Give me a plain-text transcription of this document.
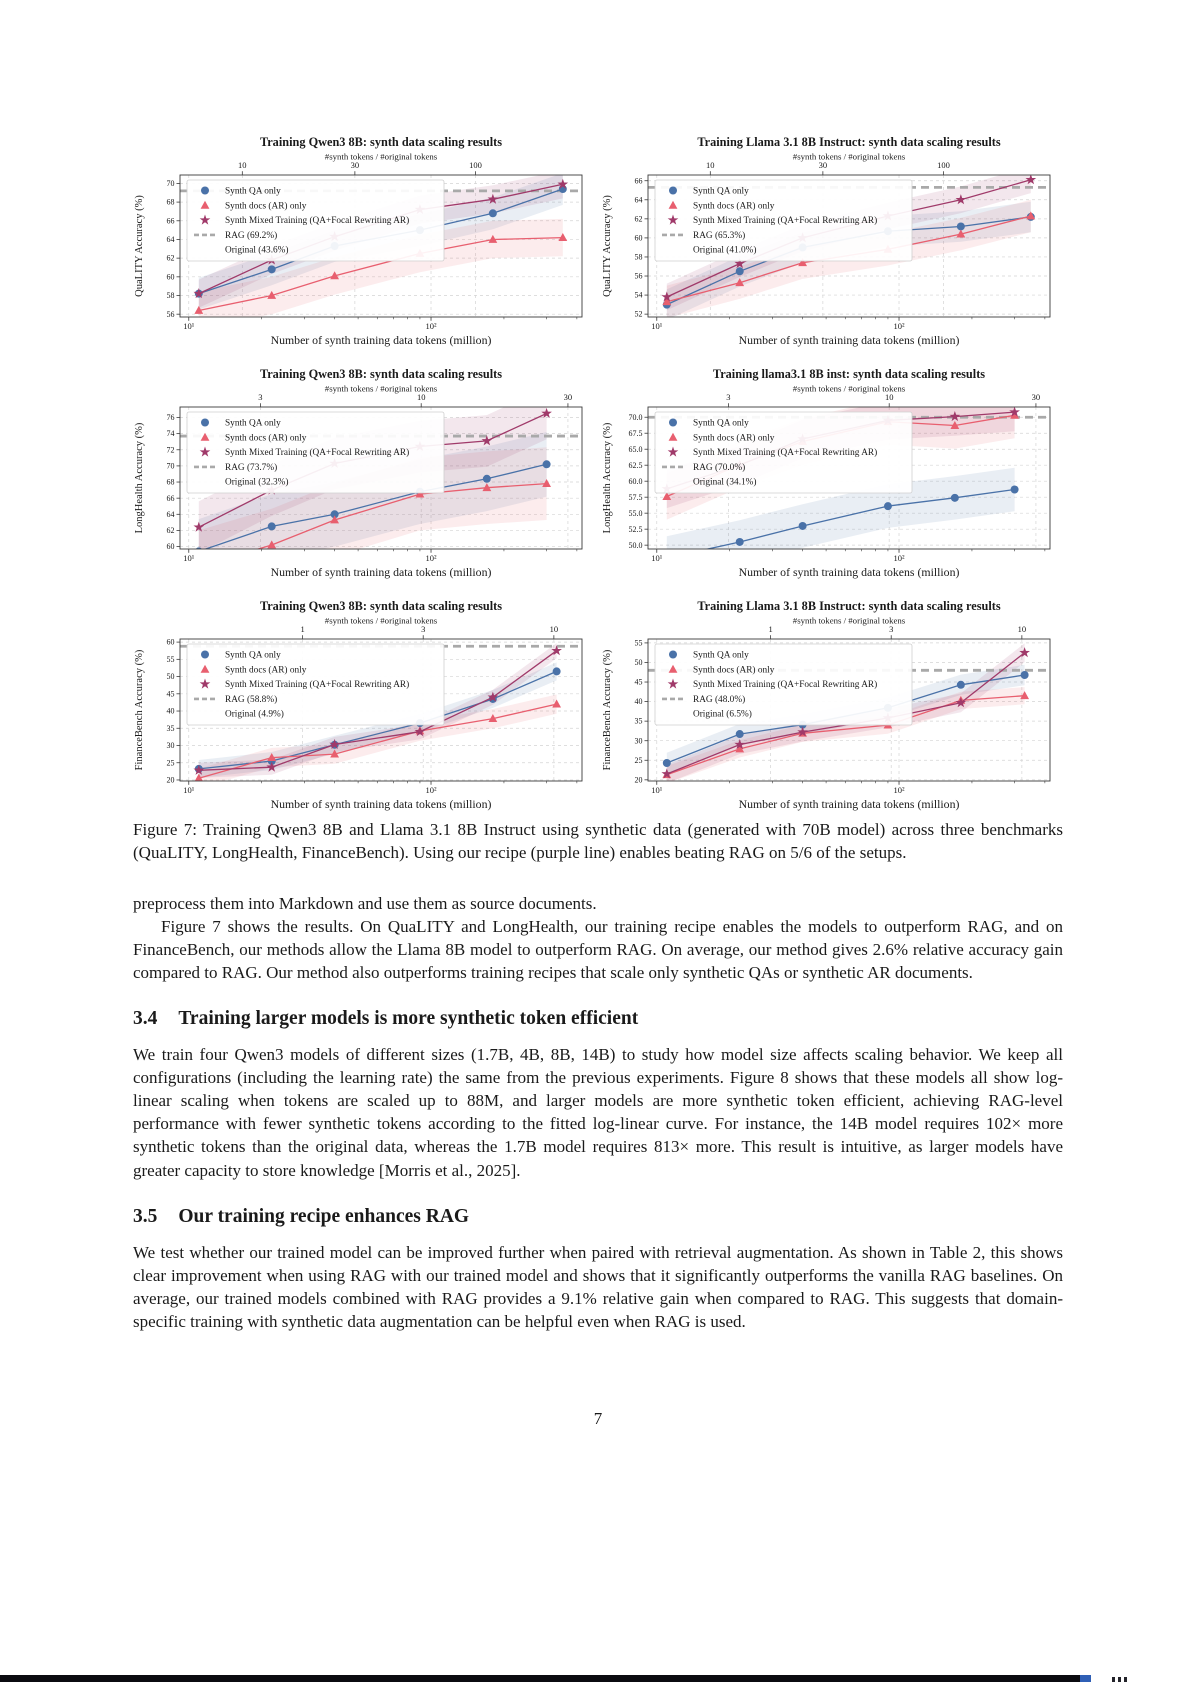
Synth QA only
Synth docs (AR) only
Synth Mixed Training (QA+Focal Rewriting AR)
RAG (69.2%)
Original (43.6%)
56
58
60
62
64
66
68
70
10¹	10²
10	30	100
Training Qwen3 8B: synth data scaling results
#synth tokens / #original tokens
Number of synth training data tokens (million)
QuaLITY Accuracy (%)
Synth QA only
Synth docs (AR) only
Synth Mixed Training (QA+Focal Rewriting AR)
RAG (65.3%)
Original (41.0%)
52
54
56
58
60
62
64
66
10¹	10²
10	30	100
Training Llama 3.1 8B Instruct: synth data scaling results
#synth tokens / #original tokens
Number of synth training data tokens (million)
QuaLITY Accuracy (%)
Synth QA only
Synth docs (AR) only
Synth Mixed Training (QA+Focal Rewriting AR)
RAG (73.7%)
Original (32.3%)
60
62
64
66
68
70
72
74
76
10¹	10²
3	10	30
Training Qwen3 8B: synth data scaling results
#synth tokens / #original tokens
Number of synth training data tokens (million)
LongHealth Accuracy (%)	Synth QA only
Synth docs (AR) only
Synth Mixed Training (QA+Focal Rewriting AR)
RAG (70.0%)
Original (34.1%)
50.0
52.5
55.0
57.5
60.0
62.5
65.0
67.5
70.0
10¹	10²
3	10	30
Training llama3.1 8B inst: synth data scaling results
#synth tokens / #original tokens
Number of synth training data tokens (million)
LongHealth Accuracy (%)
Synth QA only
Synth docs (AR) only
Synth Mixed Training (QA+Focal Rewriting AR)
RAG (58.8%)
Original (4.9%)
20
25
30
35
40
45
50
55
60
10¹	10²
1	3	10
Training Qwen3 8B: synth data scaling results
#synth tokens / #original tokens
Number of synth training data tokens (million)
FinanceBench Accuracy (%)	Synth QA only
Synth docs (AR) only
Synth Mixed Training (QA+Focal Rewriting AR)
RAG (48.0%)
Original (6.5%)
20
25
30
35
40
45
50
55
10¹	10²
1	3	10
Training Llama 3.1 8B Instruct: synth data scaling results
#synth tokens / #original tokens
Number of synth training data tokens (million)
FinanceBench Accuracy (%)

Figure 7: Training Qwen3 8B and Llama 3.1 8B Instruct using synthetic data (generated with 70B model) across three benchmarks (QuaLITY, LongHealth, FinanceBench). Using our recipe (purple line) enables beating RAG on 5/6 of the setups.

preprocess them into Markdown and use them as source documents.

Figure 7 shows the results. On QuaLITY and LongHealth, our training recipe enables the models to outperform RAG, and on FinanceBench, our methods allow the Llama 8B model to outperform RAG. On average, our method gives 2.6% relative accuracy gain compared to RAG. Our method also outperforms training recipes that scale only synthetic QAs or synthetic AR documents.

3.4 Training larger models is more synthetic token efficient

We train four Qwen3 models of different sizes (1.7B, 4B, 8B, 14B) to study how model size affects scaling behavior. We keep all configurations (including the learning rate) the same from the previous experiments. Figure 8 shows that these models all show log-linear scaling when tokens are scaled up to 88M, and larger models are more synthetic token efficient, achieving RAG-level performance with fewer synthetic tokens according to the fitted log-linear curve. For instance, the 14B model requires 102× more synthetic tokens than the original data, whereas the 1.7B model requires 813× more. This result is intuitive, as larger models have greater capacity to store knowledge [Morris et al., 2025].

3.5 Our training recipe enhances RAG

We test whether our trained model can be improved further when paired with retrieval augmentation. As shown in Table 2, this shows clear improvement when using RAG with our trained model and shows that it significantly outperforms the vanilla RAG baselines. On average, our trained models combined with RAG provides a 9.1% relative gain when compared to RAG. This suggests that domain-specific training with synthetic data augmentation can be helpful even when RAG is used.

7
